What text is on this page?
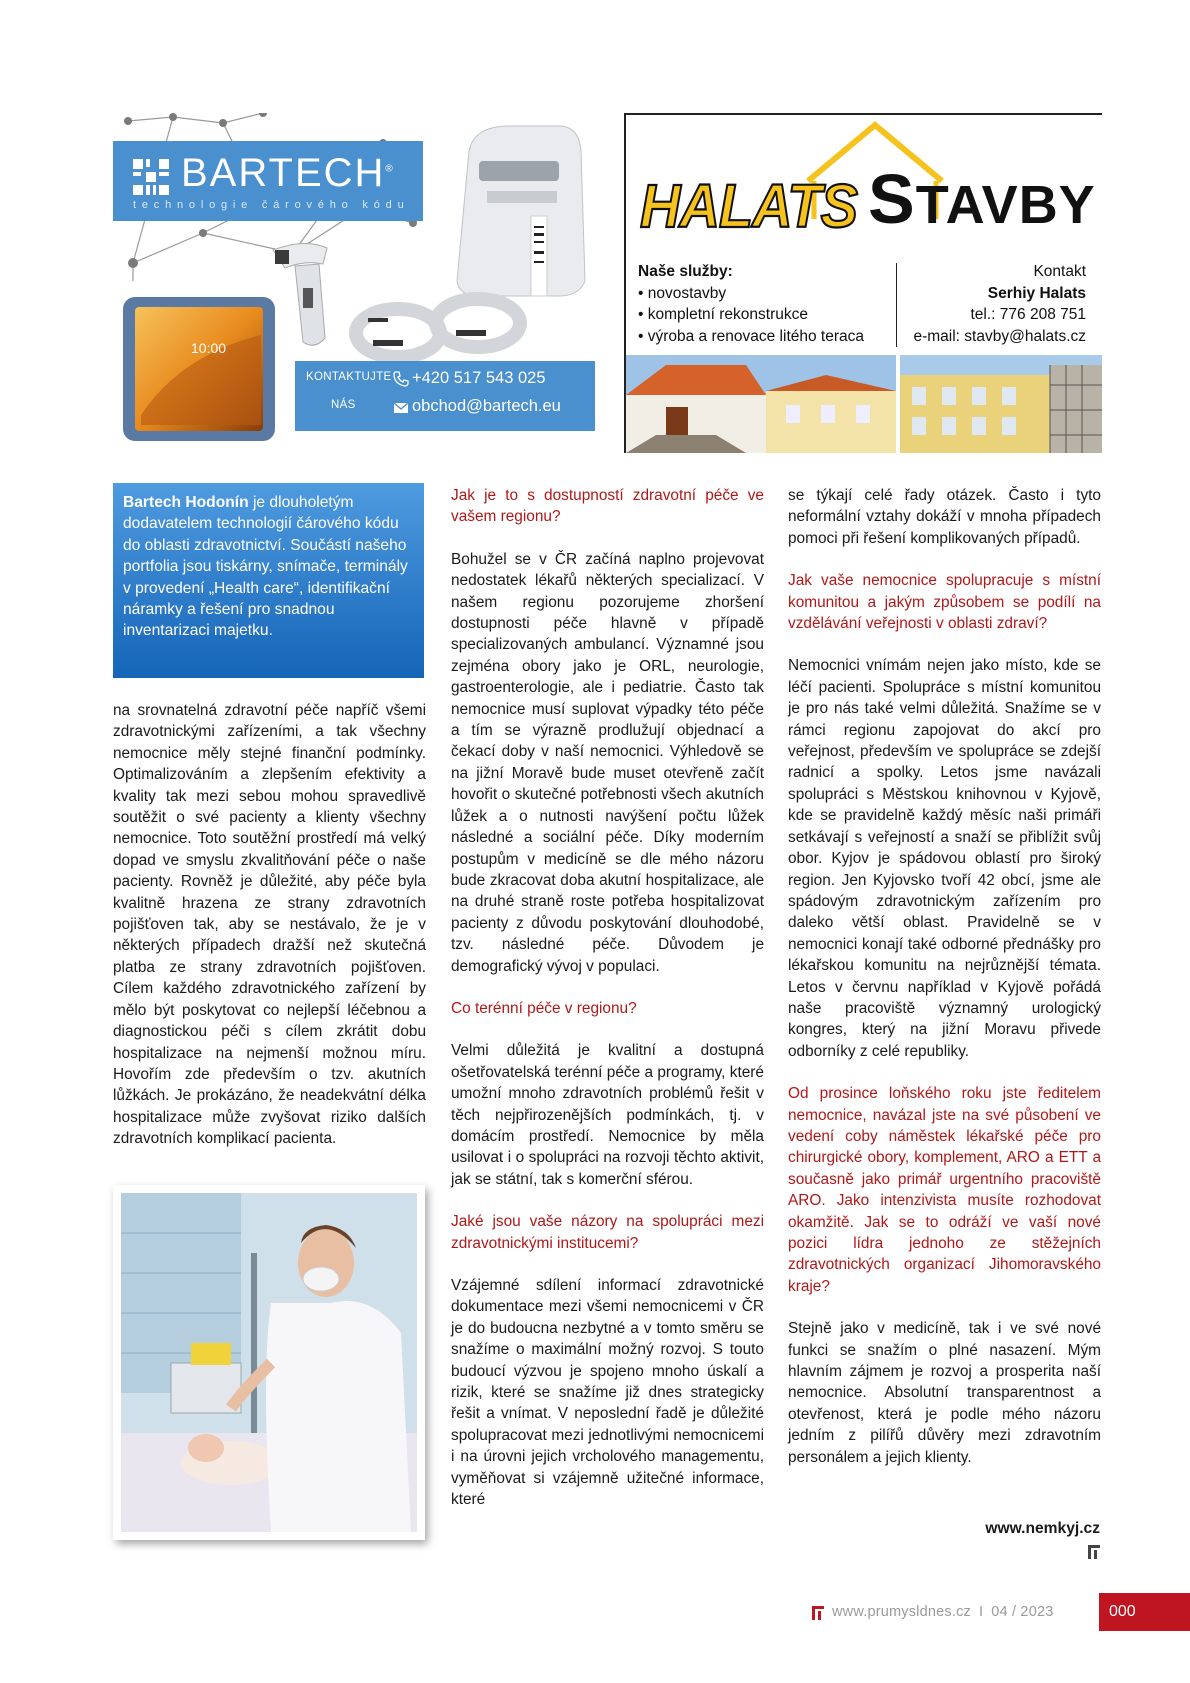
BARTECH®
technologie čárového kódu
10:00
KONTAKTUJTE
NÁS
+420 517 543 025
obchod@bartech.eu
HALATS STAVBY
Naše služby:
• novostavby
• kompletní rekonstrukce
• výroba a renovace litého teraca
Kontakt
Serhiy Halats
tel.: 776 208 751
e-mail: stavby@halats.cz

Bartech Hodonín je dlouholetým dodavatelem technologií čárového kódu do oblasti zdravotnictví. Součástí našeho portfolia jsou tiskárny, snímače, terminály v provedení „Health care“, identifikační náramky a řešení pro snadnou inventarizaci majetku.

na srovnatelná zdravotní péče napříč všemi zdravotnickými zařízeními, a tak všechny nemocnice měly stejné finanční podmínky. Optimalizováním a zlepšením efektivity a kvality tak mezi sebou mohou spravedlivě soutěžit o své pacienty a klienty všechny nemocnice. Toto soutěžní prostředí má velký dopad ve smyslu zkvalitňování péče o naše pacienty. Rovněž je důležité, aby péče byla kvalitně hrazena ze strany zdravotních pojišťoven tak, aby se nestávalo, že je v některých případech dražší než skutečná platba ze strany zdravotních pojišťoven. Cílem každého zdravotnického zařízení by mělo být poskytovat co nejlepší léčebnou a diagnostickou péči s cílem zkrátit dobu hospitalizace na nejmenší možnou míru. Hovořím zde především o tzv. akutních lůžkách. Je prokázáno, že neadekvátní délka hospitalizace může zvyšovat riziko dalších zdravotních komplikací pacienta.

Jak je to s dostupností zdravotní péče ve vašem regionu?

Bohužel se v ČR začíná naplno projevovat nedostatek lékařů některých specializací. V našem regionu pozorujeme zhoršení dostupnosti péče hlavně v případě specializovaných ambulancí. Významné jsou zejména obory jako je ORL, neurologie, gastroenterologie, ale i pediatrie. Často tak nemocnice musí suplovat výpadky této péče a tím se výrazně prodlužují objednací a čekací doby v naší nemocnici. Výhledově se na jižní Moravě bude muset otevřeně začít hovořit o skutečné potřebnosti všech akutních lůžek a o nutnosti navýšení počtu lůžek následné a sociální péče. Díky moderním postupům v medicíně se dle mého názoru bude zkracovat doba akutní hospitalizace, ale na druhé straně roste potřeba hospitalizovat pacienty z důvodu poskytování dlouhodobé, tzv. následné péče. Důvodem je demografický vývoj v populaci.

Co terénní péče v regionu?

Velmi důležitá je kvalitní a dostupná ošetřovatelská terénní péče a programy, které umožní mnoho zdravotních problémů řešit v těch nejpřirozenějších podmínkách, tj. v domácím prostředí. Nemocnice by měla usilovat i o spolupráci na rozvoji těchto aktivit, jak se státní, tak s komerční sférou.

Jaké jsou vaše názory na spolupráci mezi zdravotnickými institucemi?

Vzájemné sdílení informací zdravotnické dokumentace mezi všemi nemocnicemi v ČR je do budoucna nezbytné a v tomto směru se snažíme o maximální možný rozvoj. S touto budoucí výzvou je spojeno mnoho úskalí a rizik, které se snažíme již dnes strategicky řešit a vnímat. V neposlední řadě je důležité spolupracovat mezi jednotlivými nemocnicemi i na úrovni jejich vrcholového managementu, vyměňovat si vzájemně užitečné informace, které

se týkají celé řady otázek. Často i tyto neformální vztahy dokáží v mnoha případech pomoci při řešení komplikovaných případů.

Jak vaše nemocnice spolupracuje s místní komunitou a jakým způsobem se podílí na vzdělávání veřejnosti v oblasti zdraví?

Nemocnici vnímám nejen jako místo, kde se léčí pacienti. Spolupráce s místní komunitou je pro nás také velmi důležitá. Snažíme se v rámci regionu zapojovat do akcí pro veřejnost, především ve spolupráce se zdejší radnicí a spolky. Letos jsme navázali spolupráci s Městskou knihovnou v Kyjově, kde se pravidelně každý měsíc naši primáři setkávají s veřejností a snaží se přiblížit svůj obor. Kyjov je spádovou oblastí pro široký region. Jen Kyjovsko tvoří 42 obcí, jsme ale spádovým zdravotnickým zařízením pro daleko větší oblast. Pravidelně se v nemocnici konají také odborné přednášky pro lékařskou komunitu na nejrůznější témata. Letos v červnu například v Kyjově pořádá naše pracoviště významný urologický kongres, který na jižní Moravu přivede odborníky z celé republiky.

Od prosince loňského roku jste ředitelem nemocnice, navázal jste na své působení ve vedení coby náměstek lékařské péče pro chirurgické obory, komplement, ARO a ETT a současně jako primář urgentního pracoviště ARO. Jako intenzivista musíte rozhodovat okamžitě. Jak se to odráží ve vaší nové pozici lídra jednoho ze stěžejních zdravotnických organizací Jihomoravského kraje?

Stejně jako v medicíně, tak i ve své nové funkci se snažím o plné nasazení. Mým hlavním zájmem je rozvoj a prosperita naší nemocnice. Absolutní transparentnost a otevřenost, která je podle mého názoru jedním z pilířů důvěry mezi zdravotním personálem a jejich klienty.

www.nemkyj.cz
www.prumysldnes.cz I 04 / 2023	000
